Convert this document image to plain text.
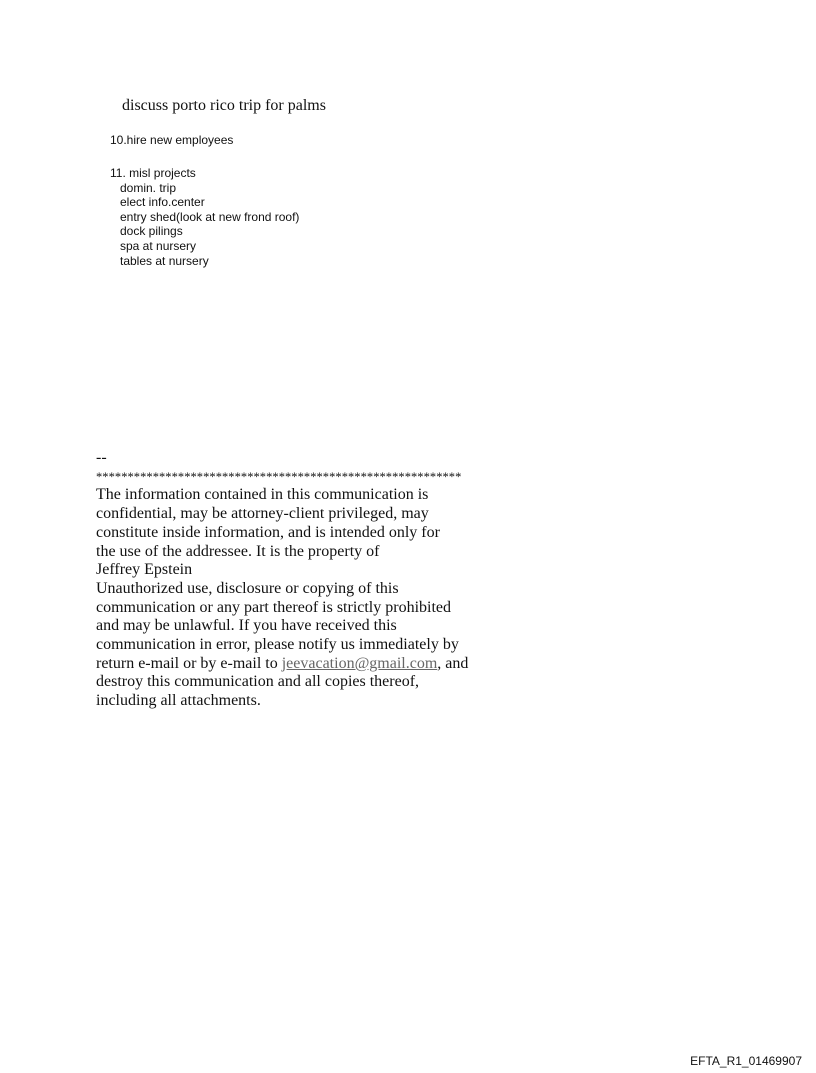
discuss porto rico trip for palms

10.hire new employees

11. misl projects

domin. trip
elect info.center
entry shed(look at new frond roof)
dock pilings
spa at nursery
tables at nursery

--

**********************************************************

The information contained in this communication is

confidential, may be attorney-client privileged, may

constitute inside information, and is intended only for

the use of the addressee. It is the property of

Jeffrey Epstein

Unauthorized use, disclosure or copying of this

communication or any part thereof is strictly prohibited

and may be unlawful. If you have received this

communication in error, please notify us immediately by

return e-mail or by e-mail to jeevacation@gmail.com, and

destroy this communication and all copies thereof,

including all attachments.

EFTA_R1_01469907
